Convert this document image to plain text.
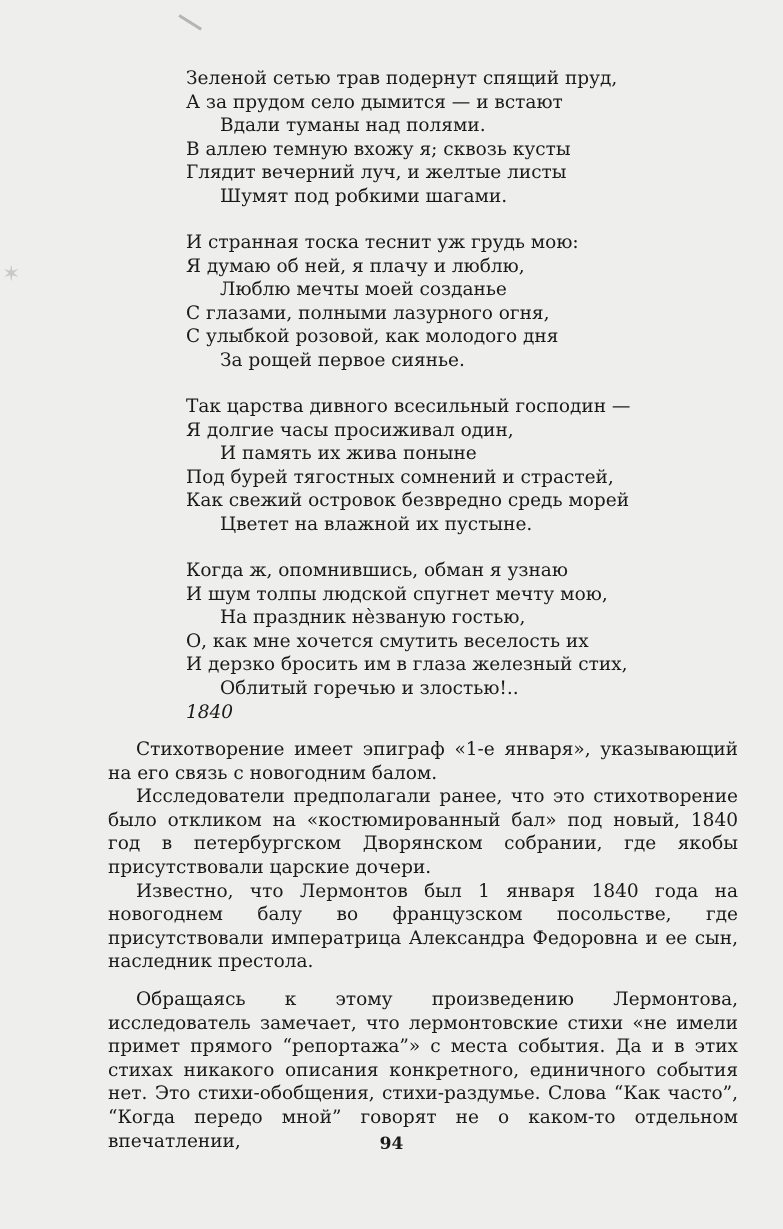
✶
Зеленой сетью трав подернут спящий пруд,
А за прудом село дымится — и встают
Вдали туманы над полями.
В аллею темную вхожу я; сквозь кусты
Глядит вечерний луч, и желтые листы
Шумят под робкими шагами.
И странная тоска теснит уж грудь мою:
Я думаю об ней, я плачу и люблю,
Люблю мечты моей созданье
С глазами, полными лазурного огня,
С улыбкой розовой, как молодого дня
За рощей первое сиянье.
Так царства дивного всесильный господин —
Я долгие часы просиживал один,
И память их жива поныне
Под бурей тягостных сомнений и страстей,
Как свежий островок безвредно средь морей
Цветет на влажной их пустыне.
Когда ж, опомнившись, обман я узнаю
И шум толпы людской спугнет мечту мою,
На праздник нѐзваную гостью,
О, как мне хочется смутить веселость их
И дерзко бросить им в глаза железный стих,
Облитый горечью и злостью!..
1840

Стихотворение имеет эпиграф «1-е января», указывающий на его связь с новогодним балом.

Исследователи предполагали ранее, что это стихотворение было откликом на «костюмированный бал» под новый, 1840 год в петербургском Дворянском собрании, где якобы присутствовали царские дочери.

Известно, что Лермонтов был 1 января 1840 года на новогоднем балу во французском посольстве, где присутствовали императрица Александра Федоровна и ее сын, наследник престола.

Обращаясь к этому произведению Лермонтова, исследователь замечает, что лермонтовские стихи «не имели примет прямого “репортажа”» с места события. Да и в этих стихах никакого описания конкретного, единичного события нет. Это стихи-обобщения, стихи-раздумье. Слова “Как часто”, “Когда передо мной” говорят не о каком-то отдельном впечатлении,	94
